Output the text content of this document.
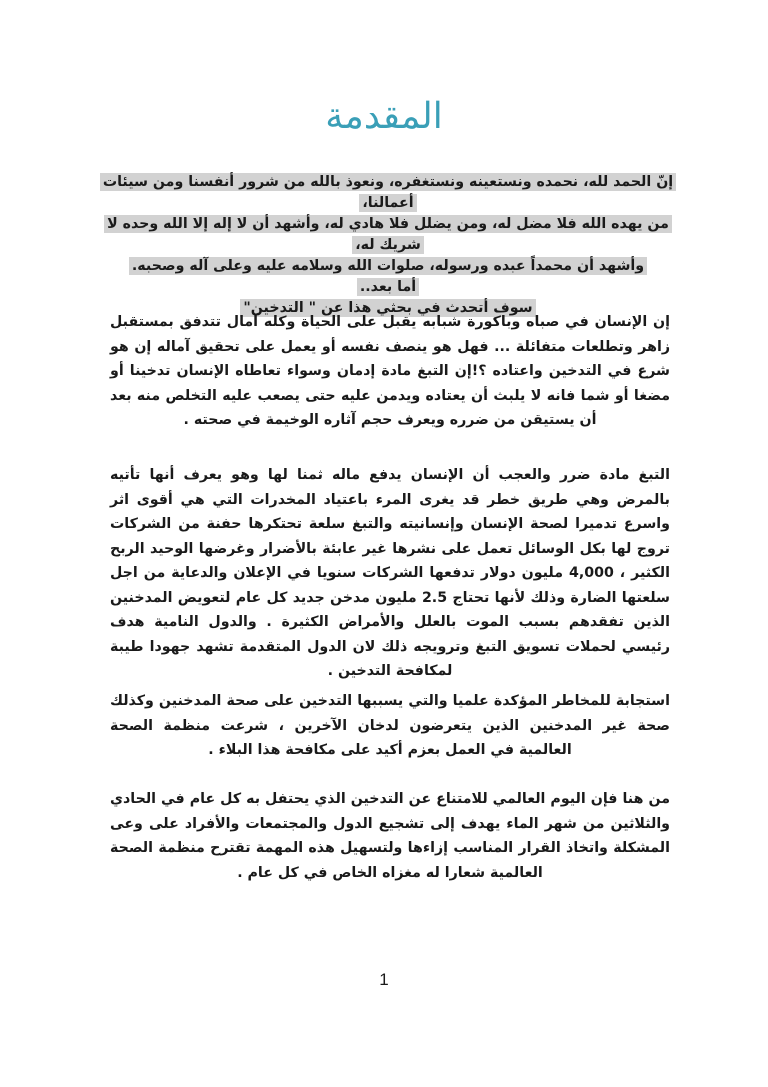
المقدمة
إنّ الحمد لله، نحمده ونستعينه ونستغفره، ونعوذ بالله من شرور أنفسنا ومن سيئات أعمالنا،
من يهده الله فلا مضل له، ومن يضلل فلا هادي له، وأشهد أن لا إله إلا الله وحده لا شريك له،
وأشهد أن محمداً عبده ورسوله، صلوات الله وسلامه عليه وعلى آله وصحبه.
أما بعد..
سوف أتحدث في بحثي هذا عن " التدخين"

إن الإنسان في صباه وباكورة شبابه يقبل على الحياة وكله آمال تتدفق بمستقبل زاهر وتطلعات متفائلة ... فهل هو ينصف نفسه أو يعمل على تحقيق آماله إن هو شرع في التدخين واعتاده ؟!إن التبغ مادة إدمان وسواء تعاطاه الإنسان تدخينا أو مضغا أو شما فانه لا يلبث أن يعتاده ويدمن عليه حتى يصعب عليه التخلص منه بعد أن يستيقن من ضرره ويعرف حجم آثاره الوخيمة في صحته .

التبغ مادة ضرر والعجب أن الإنسان يدفع ماله ثمنا لها وهو يعرف أنها تأتيه بالمرض وهي طريق خطر قد يغرى المرء باعتياد المخدرات التي هي أقوى اثر واسرع تدميرا لصحة الإنسان وإنسانيته والتبغ سلعة تحتكرها حفنة من الشركات تروج لها بكل الوسائل تعمل على نشرها غير عابئة بالأضرار وغرضها الوحيد الربح الكثير ، 4,000 مليون دولار تدفعها الشركات سنويا في الإعلان والدعاية من اجل سلعتها الضارة وذلك لأنها تحتاج 2.5 مليون مدخن جديد كل عام لتعويض المدخنين الذين تفقدهم بسبب الموت بالعلل والأمراض الكثيرة . والدول النامية هدف رئيسي لحملات تسويق التبغ وترويجه ذلك لان الدول المتقدمة تشهد جهودا طيبة لمكافحة التدخين .

استجابة للمخاطر المؤكدة علميا والتي يسببها التدخين على صحة المدخنين وكذلك صحة غير المدخنين الذين يتعرضون لدخان الآخرين ، شرعت منظمة الصحة العالمية في العمل بعزم أكيد على مكافحة هذا البلاء .

من هنا فإن اليوم العالمي للامتناع عن التدخين الذي يحتفل به كل عام في الحادي والثلاثين من شهر الماء يهدف إلى تشجيع الدول والمجتمعات والأفراد على وعى المشكلة واتخاذ القرار المناسب إزاءها ولتسهيل هذه المهمة تقترح منظمة الصحة العالمية شعارا له مغزاه الخاص في كل عام .

1
